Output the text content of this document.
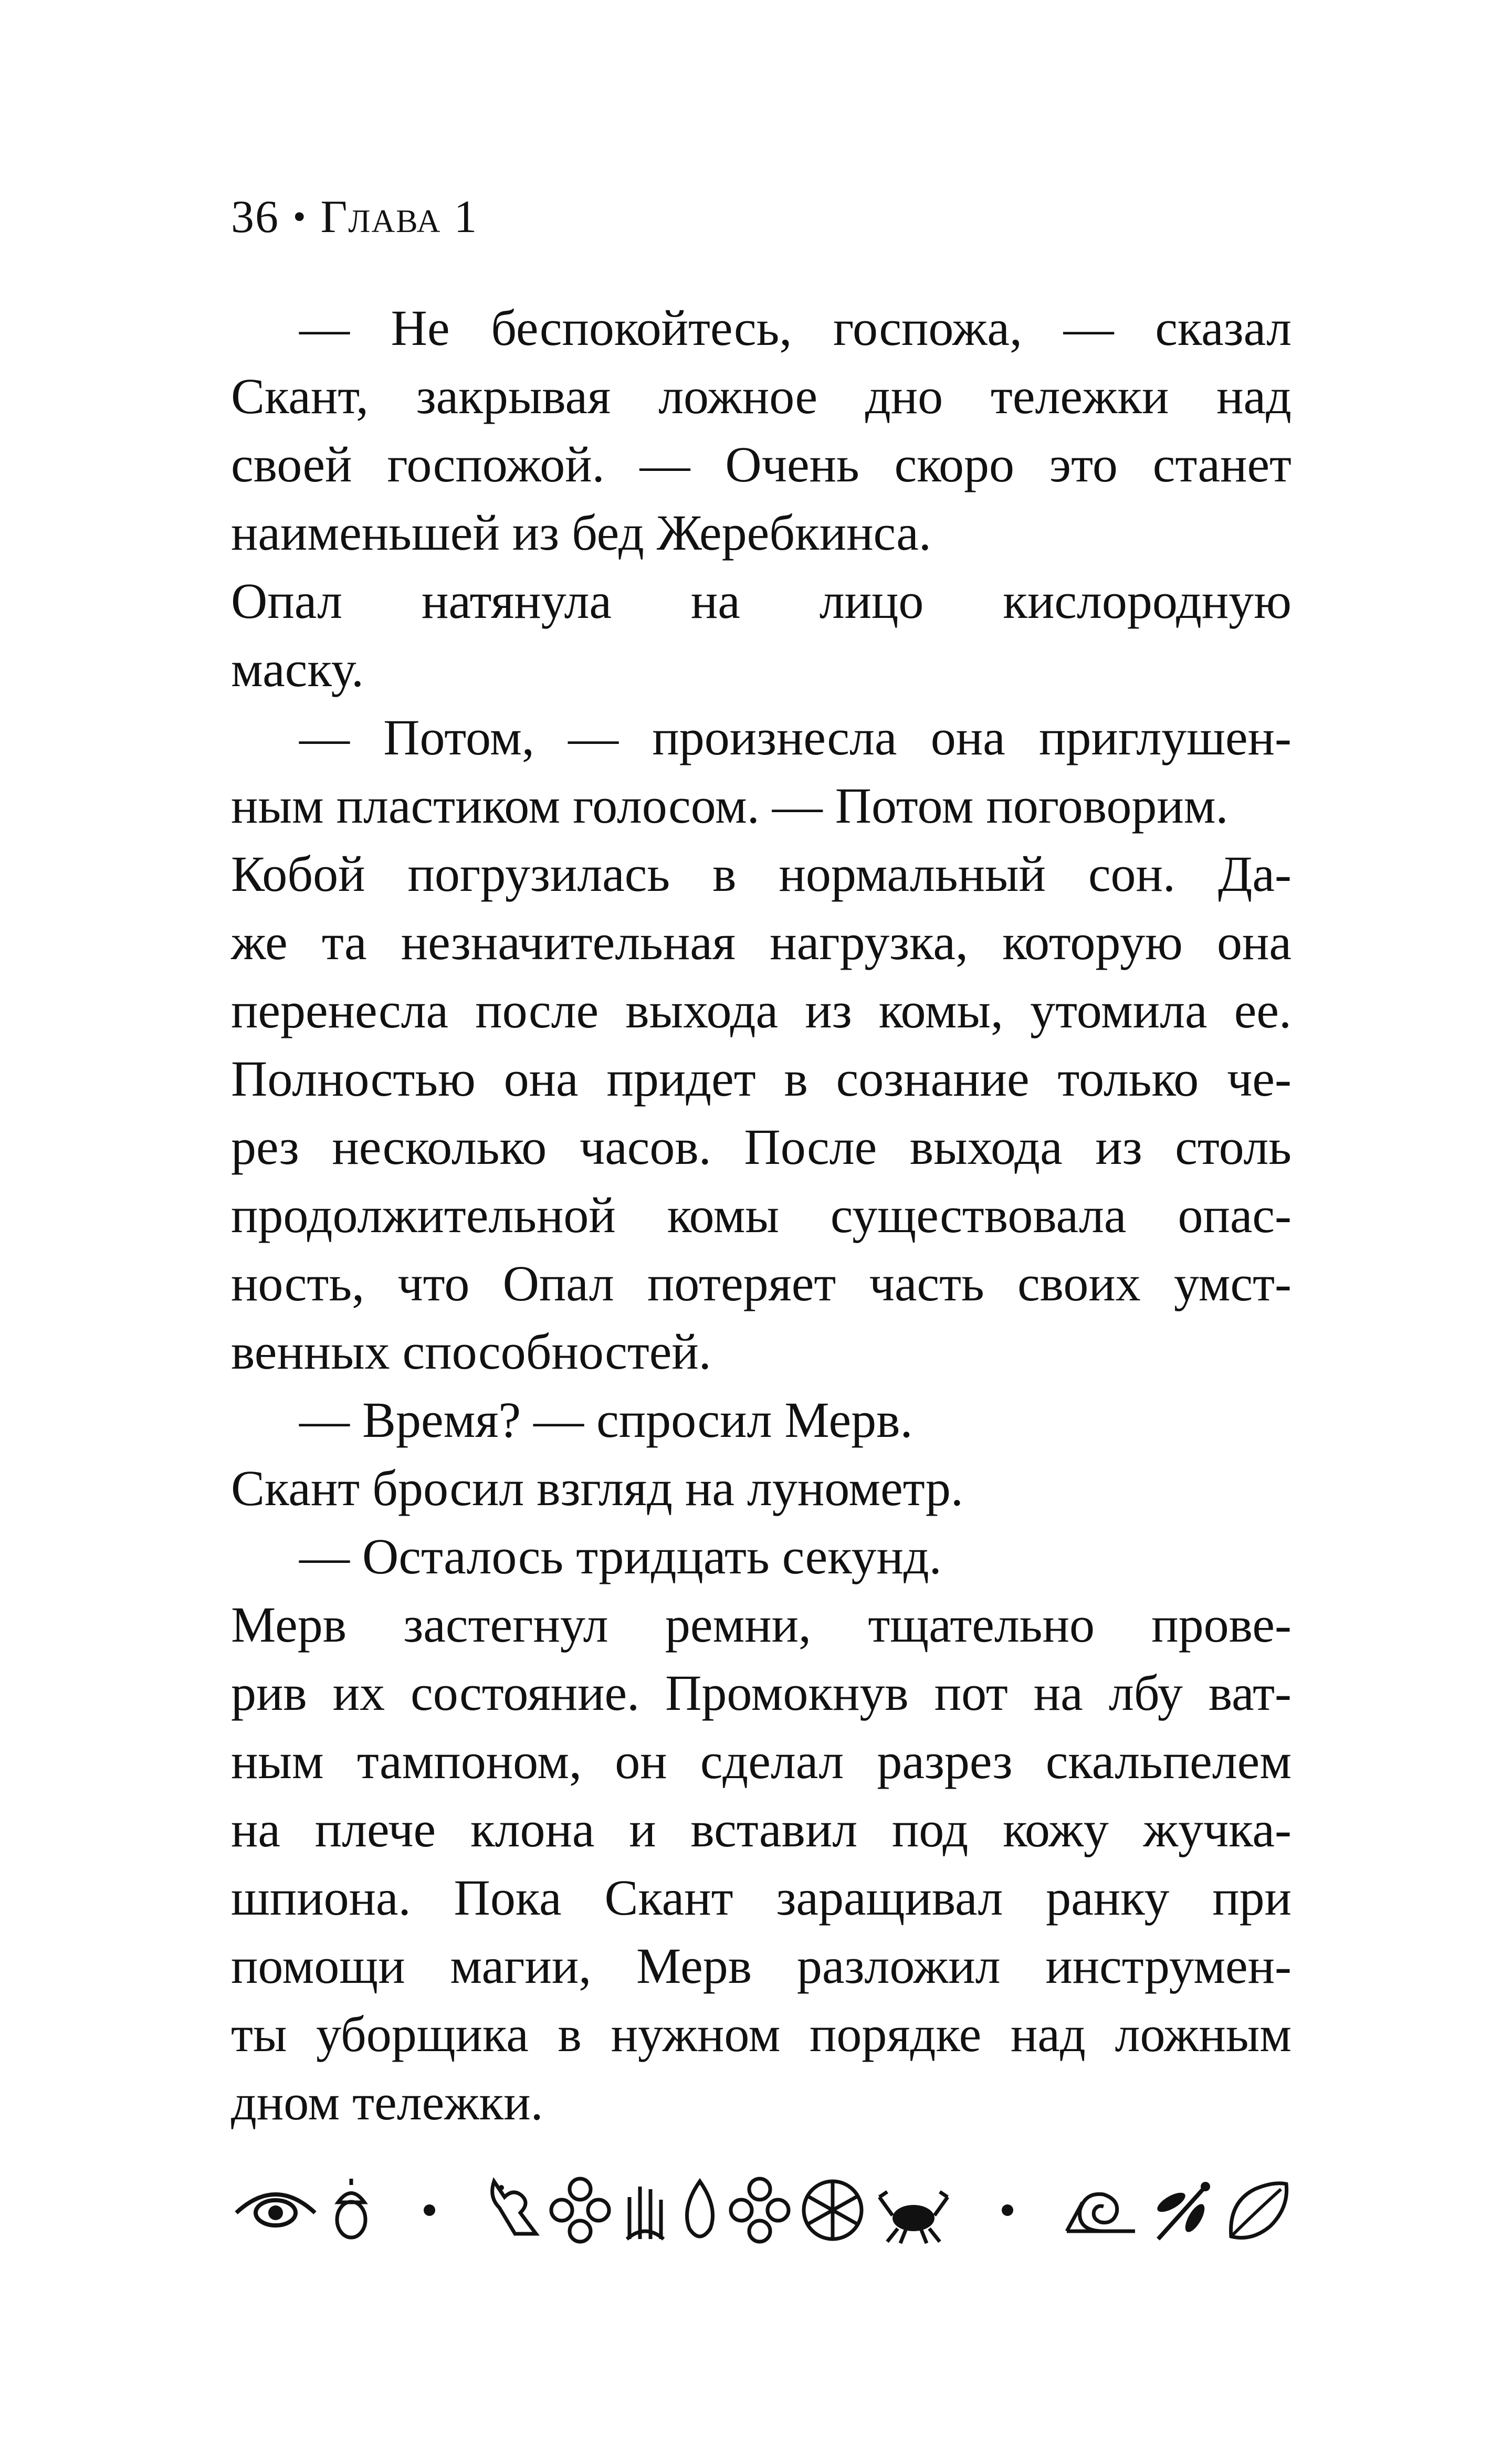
36 • Глава 1
— Не беспокойтесь, госпожа, — сказал
Скант, закрывая ложное дно тележки над
своей госпожой. — Очень скоро это станет
наименьшей из бед Жеребкинса.
Опал натянула на лицо кислородную
маску.
— Потом, — произнесла она приглушен-
ным пластиком голосом. — Потом поговорим.
Кобой погрузилась в нормальный сон. Да-
же та незначительная нагрузка, которую она
перенесла после выхода из комы, утомила ее.
Полностью она придет в сознание только че-
рез несколько часов. После выхода из столь
продолжительной комы существовала опас-
ность, что Опал потеряет часть своих умст-
венных способностей.
— Время? — спросил Мерв.
Скант бросил взгляд на лунометр.
— Осталось тридцать секунд.
Мерв застегнул ремни, тщательно прове-
рив их состояние. Промокнув пот на лбу ват-
ным тампоном, он сделал разрез скальпелем
на плече клона и вставил под кожу жучка-
шпиона. Пока Скант заращивал ранку при
помощи магии, Мерв разложил инструмен-
ты уборщика в нужном порядке над ложным
дном тележки.
